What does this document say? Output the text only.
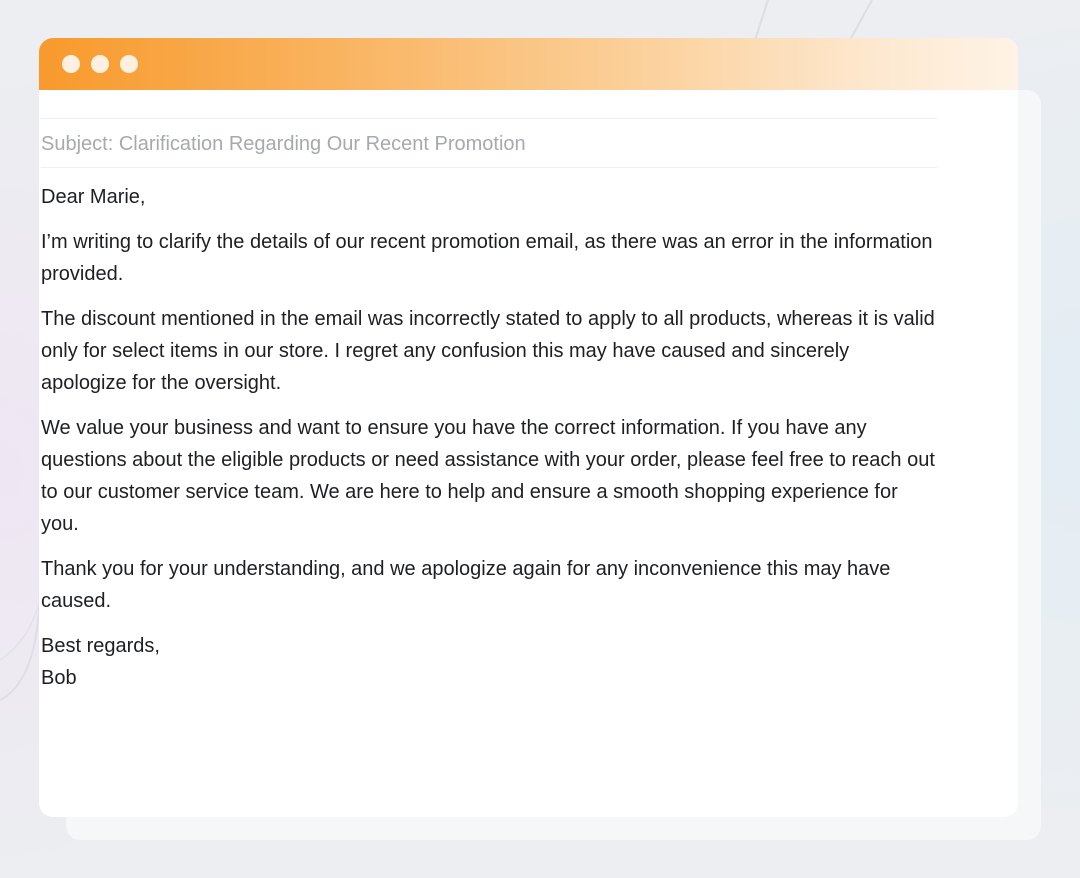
Subject: Clarification Regarding Our Recent Promotion

Dear Marie,

I’m writing to clarify the details of our recent promotion email, as there was an error in the information provided.

The discount mentioned in the email was incorrectly stated to apply to all products, whereas it is valid only for select items in our store. I regret any confusion this may have caused and sincerely apologize for the oversight.

We value your business and want to ensure you have the correct information. If you have any questions about the eligible products or need assistance with your order, please feel free to reach out to our customer service team. We are here to help and ensure a smooth shopping experience for you.

Thank you for your understanding, and we apologize again for any inconvenience this may have caused.

Best regards,

Bob
